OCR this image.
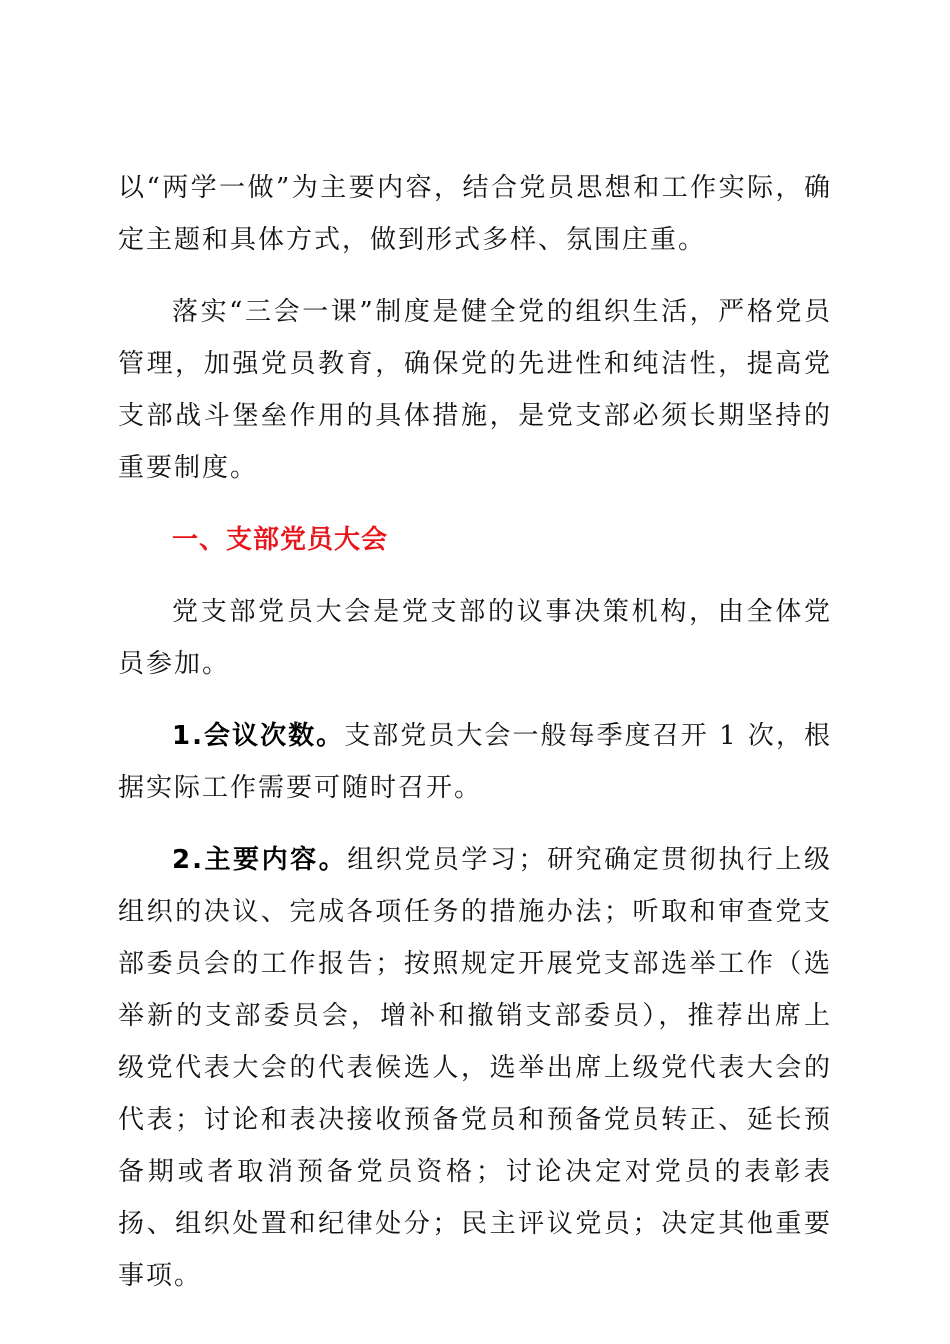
以“两学一做”为主要内容，结合党员思想和工作实际，确定主题和具体方式，做到形式多样、氛围庄重。

落实“三会一课”制度是健全党的组织生活，严格党员管理，加强党员教育，确保党的先进性和纯洁性，提高党支部战斗堡垒作用的具体措施，是党支部必须长期坚持的重要制度。

一、支部党员大会

党支部党员大会是党支部的议事决策机构，由全体党员参加。

1.会议次数。支部党员大会一般每季度召开 1 次，根据实际工作需要可随时召开。

2.主要内容。组织党员学习；研究确定贯彻执行上级组织的决议、完成各项任务的措施办法；听取和审查党支部委员会的工作报告；按照规定开展党支部选举工作（选举新的支部委员会，增补和撤销支部委员），推荐出席上级党代表大会的代表候选人，选举出席上级党代表大会的代表；讨论和表决接收预备党员和预备党员转正、延长预备期或者取消预备党员资格；讨论决定对党员的表彰表扬、组织处置和纪律处分；民主评议党员；决定其他重要事项。
